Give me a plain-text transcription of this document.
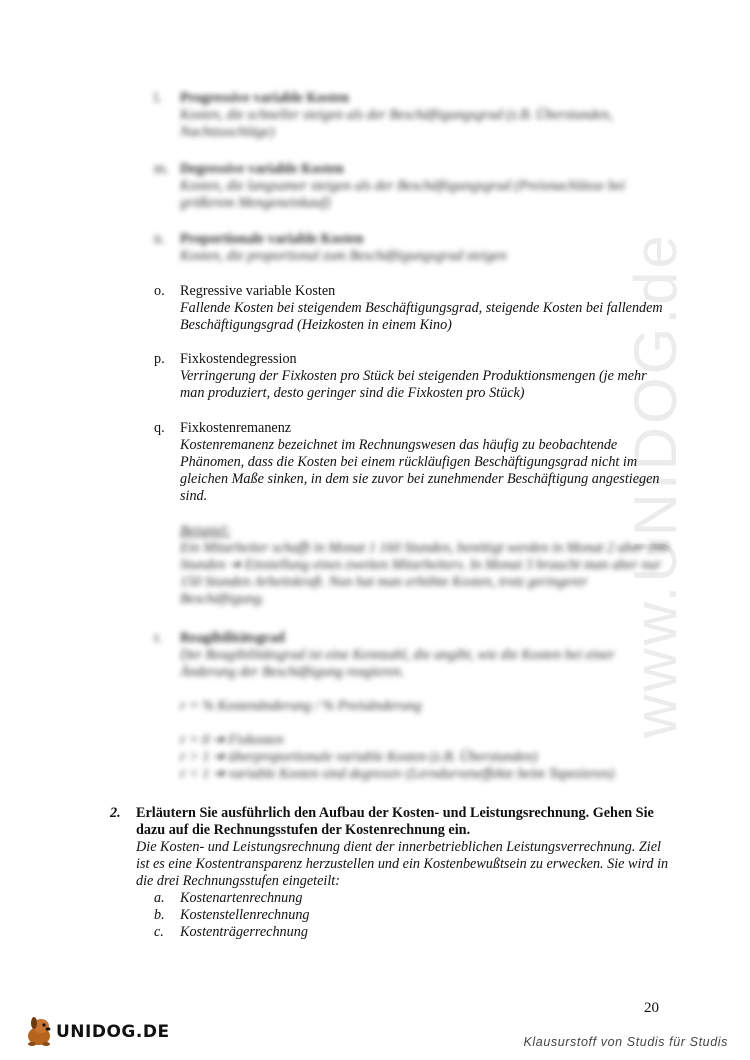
www.UNIDOG.de
l.	Progressive variable Kosten
Kosten, die schneller steigen als der Beschäftigungsgrad (z.B. Überstunden, Nachtzuschläge)
m. Degressive variable Kosten
Kosten, die langsamer steigen als der Beschäftigungsgrad (Preisnachlässe bei größerem Mengeneinkauf)
n.	Proportionale variable Kosten
Kosten, die proportional zum Beschäftigungsgrad steigen
o.	Regressive variable Kosten
Fallende Kosten bei steigendem Beschäftigungsgrad, steigende Kosten bei fallendem Beschäftigungsgrad (Heizkosten in einem Kino)
p.	Fixkostendegression
Verringerung der Fixkosten pro Stück bei steigenden Produktionsmengen (je mehr man produziert, desto geringer sind die Fixkosten pro Stück)
q.	Fixkostenremanenz
Kostenremanenz bezeichnet im Rechnungswesen das häufig zu beobachtende Phänomen, dass die Kosten bei einem rückläufigen Beschäftigungsgrad nicht im gleichen Maße sinken, in dem sie zuvor bei zunehmender Beschäftigung angestiegen sind.
Beispiel:
Ein Mitarbeiter schafft in Monat 1 160 Stunden, benötigt werden in Monat 2 aber 200 Stunden ➔ Einstellung eines zweiten Mitarbeiters. In Monat 3 braucht man aber nur 150 Stunden Arbeitskraft. Nun hat man erhöhte Kosten, trotz geringerer Beschäftigung.
r.	Reagibilitätsgrad
Der Reagibilitätsgrad ist eine Kennzahl, die angibt, wie die Kosten bei einer Änderung der Beschäftigung reagieren.
r = % Kostenänderung / % Preisänderung
r = 0 ➔ Fixkosten
r > 1 ➔ überproportionale variable Kosten (z.B. Überstunden)
r < 1 ➔ variable Kosten sind degressiv (Lerndurveneffekte beim Tapezieren)
2. Erläutern Sie ausführlich den Aufbau der Kosten- und Leistungsrechnung. Gehen Sie dazu auf die Rechnungsstufen der Kostenrechnung ein.
Die Kosten- und Leistungsrechnung dient der innerbetrieblichen Leistungsverrechnung. Ziel ist es eine Kostentransparenz herzustellen und ein Kostenbewußtsein zu erwecken. Sie wird in die drei Rechnungsstufen eingeteilt:
a. Kostenartenrechnung
b. Kostenstellenrechnung
c. Kostenträgerrechnung
20
UNIDOG.DE	Klausurstoff von Studis für Studis
